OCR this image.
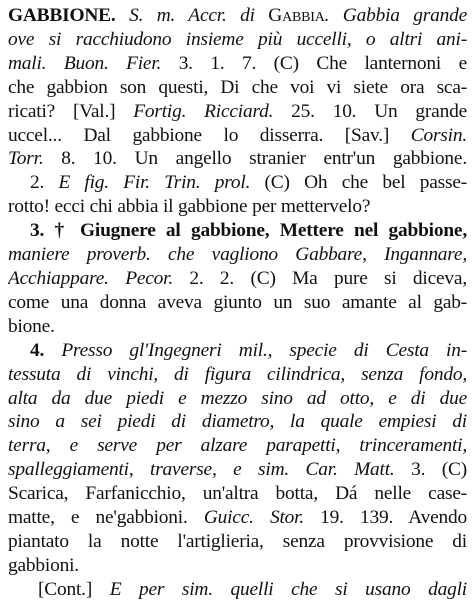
GABBIONE. S. m. Accr. di Gabbia. Gabbia grande
ove si racchiudono insieme più uccelli, o altri ani-
mali. Buon. Fier. 3. 1. 7. (C) Che lanternoni e
che gabbion son questi, Di che voi vi siete ora sca-
ricati? [Val.] Fortig. Ricciard. 25. 10. Un grande
uccel... Dal gabbione lo disserra. [Sav.] Corsin.
Torr. 8. 10. Un angello stranier entr'un gabbione.
2. E fig. Fir. Trin. prol. (C) Oh che bel passe-
rotto! ecci chi abbia il gabbione per mettervelo?
3. † Giugnere al gabbione, Mettere nel gabbione,
maniere proverb. che vagliono Gabbare, Ingannare,
Acchiappare. Pecor. 2. 2. (C) Ma pure si diceva,
come una donna aveva giunto un suo amante al gab-
bione.
4. Presso gl'Ingegneri mil., specie di Cesta in-
tessuta di vinchi, di figura cilindrica, senza fondo,
alta da due piedi e mezzo sino ad otto, e di due
sino a sei piedi di diametro, la quale empiesi di
terra, e serve per alzare parapetti, trinceramenti,
spalleggiamenti, traverse, e sim. Car. Matt. 3. (C)
Scarica, Farfanicchio, un'altra botta, Dá nelle case-
matte, e ne'gabbioni. Guicc. Stor. 19. 139. Avendo
piantato la notte l'artiglieria, senza provvisione di
gabbioni.
[Cont.] E per sim. quelli che si usano dagli
